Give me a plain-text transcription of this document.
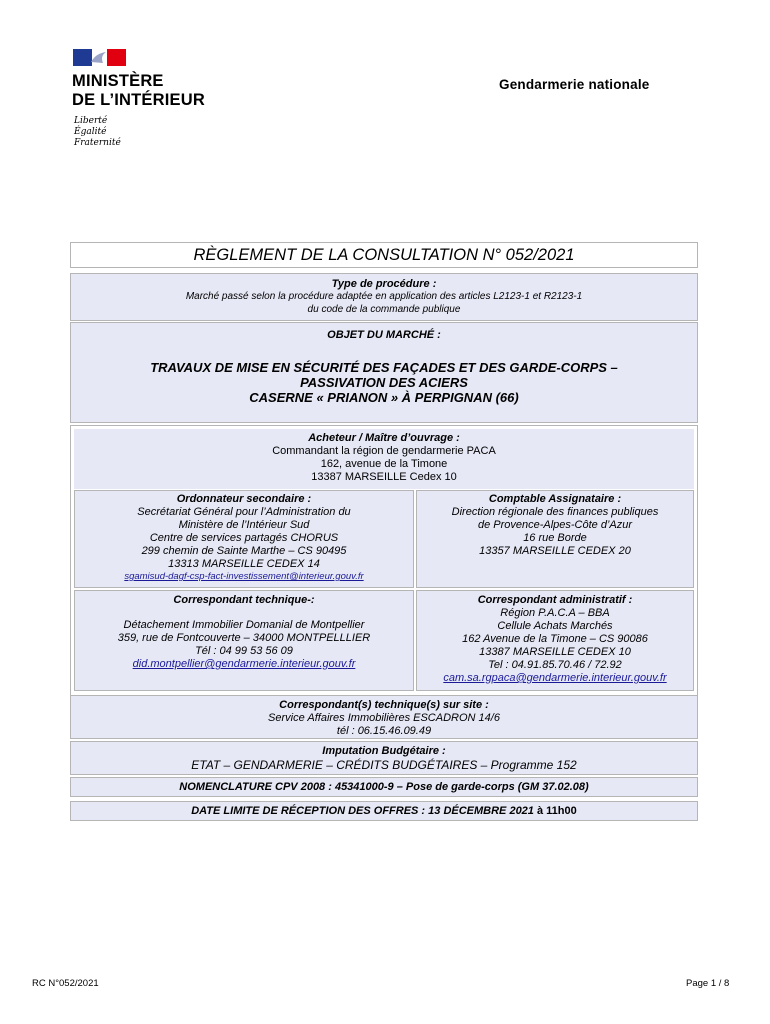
MINISTÈRE
DE L’INTÉRIEUR
Liberté
Égalité
Fraternité
Gendarmerie nationale
RÈGLEMENT DE LA CONSULTATION N° 052/2021
Type de procédure :
Marché passé selon la procédure adaptée en application des articles L2123-1 et R2123-1
du code de la commande publique
OBJET DU MARCHÉ :
TRAVAUX DE MISE EN SÉCURITÉ DES FAÇADES ET DES GARDE-CORPS –
PASSIVATION DES ACIERS
CASERNE « PRIANON » À PERPIGNAN (66)
Acheteur / Maître d’ouvrage :
Commandant la région de gendarmerie PACA
162, avenue de la Timone
13387 MARSEILLE Cedex 10
Ordonnateur secondaire :
Secrétariat Général pour l’Administration du
Ministère de l’Intérieur Sud
Centre de services partagés CHORUS
299 chemin de Sainte Marthe – CS 90495
13313 MARSEILLE CEDEX 14
sgamisud-dagf-csp-fact-investissement@interieur.gouv.fr
Comptable Assignataire :
Direction régionale des finances publiques
de Provence-Alpes-Côte d’Azur
16 rue Borde
13357 MARSEILLE CEDEX 20
Correspondant technique-:
Détachement Immobilier Domanial de Montpellier
359, rue de Fontcouverte – 34000 MONTPELLLIER
Tél : 04 99 53 56 09
did.montpellier@gendarmerie.interieur.gouv.fr
Correspondant administratif :
Région P.A.C.A – BBA
Cellule Achats Marchés
162 Avenue de la Timone – CS 90086
13387 MARSEILLE CEDEX 10
Tel : 04.91.85.70.46 / 72.92
cam.sa.rgpaca@gendarmerie.interieur.gouv.fr
Correspondant(s) technique(s) sur site :
Service Affaires Immobilières ESCADRON 14/6
tél : 06.15.46.09.49
Imputation Budgétaire :
ETAT – GENDARMERIE – CRÉDITS BUDGÉTAIRES – Programme 152
NOMENCLATURE CPV 2008 : 45341000-9 – Pose de garde-corps (GM 37.02.08)
DATE LIMITE DE RÉCEPTION DES OFFRES : 13 DÉCEMBRE 2021 à 11h00
RC N°052/2021	Page 1 / 8
